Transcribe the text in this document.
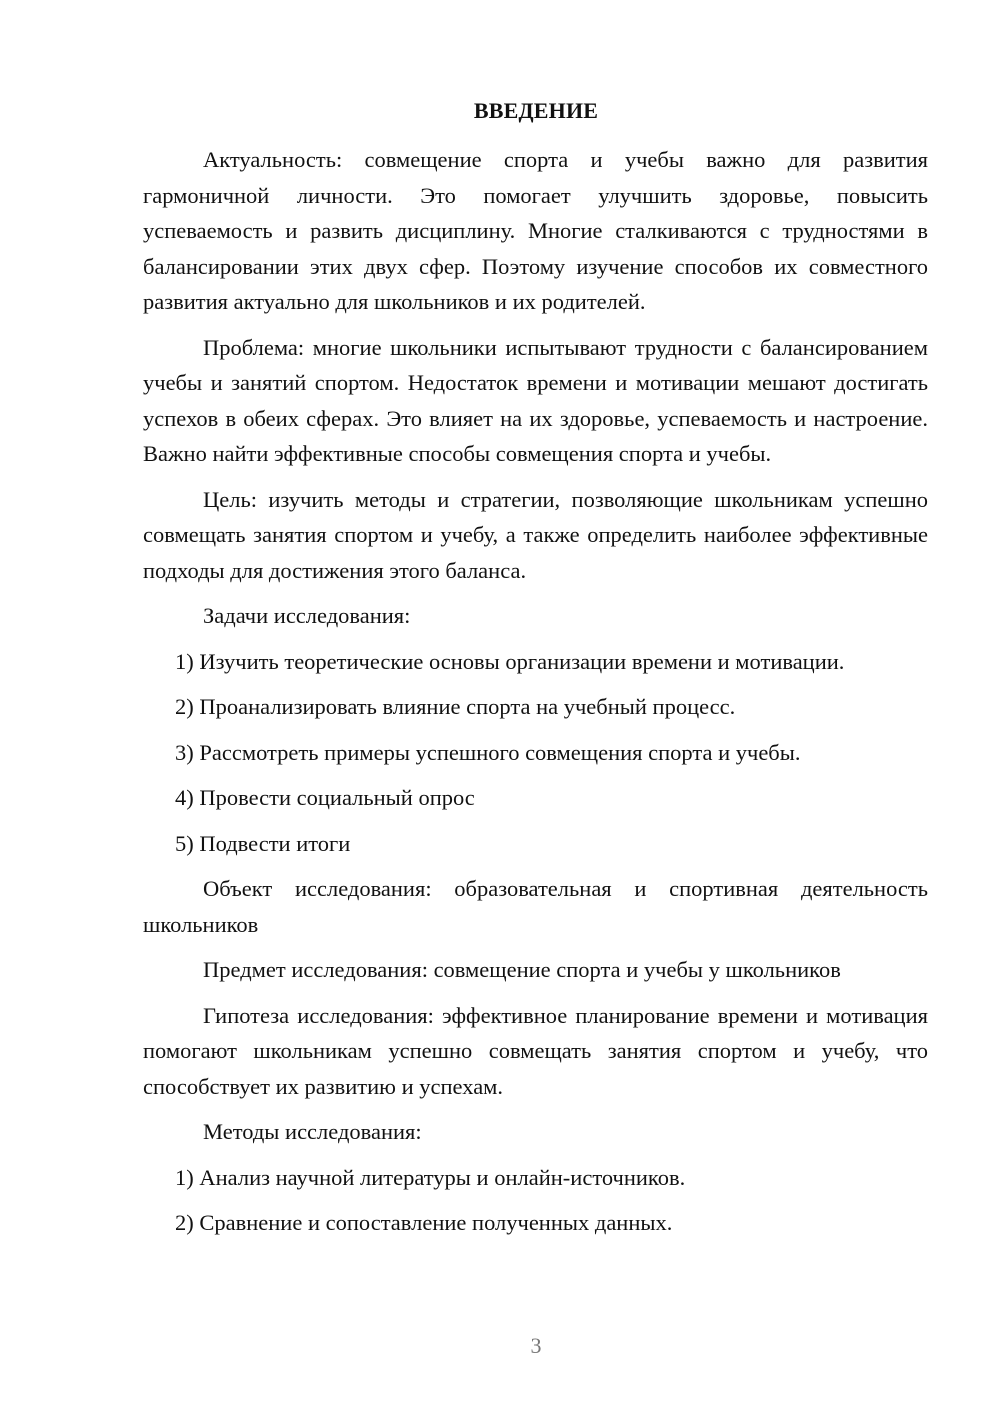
ВВЕДЕНИЕ

Актуальность: совмещение спорта и учебы важно для развития гармоничной личности. Это помогает улучшить здоровье, повысить успеваемость и развить дисциплину. Многие сталкиваются с трудностями в балансировании этих двух сфер. Поэтому изучение способов их совместного развития актуально для школьников и их родителей.

Проблема: многие школьники испытывают трудности с балансированием учебы и занятий спортом. Недостаток времени и мотивации мешают достигать успехов в обеих сферах. Это влияет на их здоровье, успеваемость и настроение. Важно найти эффективные способы совмещения спорта и учебы.

Цель: изучить методы и стратегии, позволяющие школьникам успешно совмещать занятия спортом и учебу, а также определить наиболее эффективные подходы для достижения этого баланса.

Задачи исследования:

1) Изучить теоретические основы организации времени и мотивации.

2) Проанализировать влияние спорта на учебный процесс.

3) Рассмотреть примеры успешного совмещения спорта и учебы.

4) Провести социальный опрос

5) Подвести итоги

Объект исследования: образовательная и спортивная деятельность школьников

Предмет исследования: совмещение спорта и учебы у школьников

Гипотеза исследования: эффективное планирование времени и мотивация помогают школьникам успешно совмещать занятия спортом и учебу, что способствует их развитию и успехам.

Методы исследования:

1) Анализ научной литературы и онлайн-источников.

2) Сравнение и сопоставление полученных данных.

3
